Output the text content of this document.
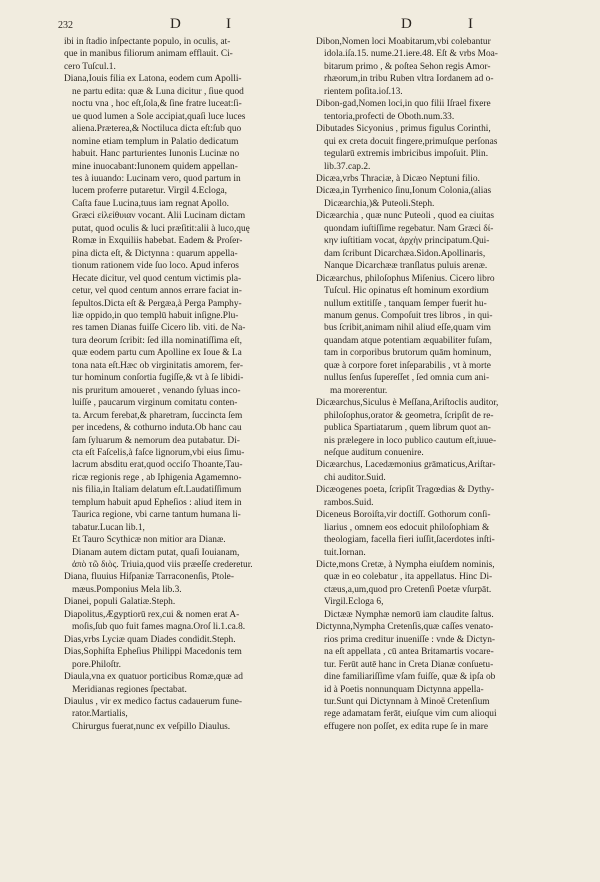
232	D	I	D	I
ibi in ſtadio inſpectante populo, in oculis, at-
que in manibus filiorum animam efflauit. Ci-
cero Tuſcul.1.
Diana,Iouis filia ex Latona, eodem cum Apolli-
ne partu edita: quæ & Luna dicitur , ſiue quod
noctu vna , hoc eſt,ſola,& ſine fratre luceat:ſi-
ue quod lumen a Sole accipiat,quaſi luce luces
aliena.Præterea,& Noctiluca dicta eſt:ſub quo
nomine etiam templum in Palatio dedicatum
habuit. Hanc parturientes Iunonis Lucinæ no
mine inuocabant:Iunonem quidem appellan-
tes à iuuando: Lucinam vero, quod partum in
lucem proferre putaretur. Virgil 4.Ecloga,
Caſta faue Lucina,tuus iam regnat Apollo.
Græci εἰλείθυιαν vocant. Alii Lucinam dictam
putat, quod oculis & luci præſitit:alii à luco,quę
Romæ in Exquiliis habebat. Eadem & Proſer-
pina dicta eſt, & Dictynna : quarum appella-
tionum rationem vide ſuo loco. Apud inferos
Hecate dicitur, vel quod centum victimis pla-
cetur, vel quod centum annos errare faciat in-
ſepultos.Dicta eſt & Pergæa,à Perga Pamphy-
liæ oppido,in quo templū habuit inſigne.Plu-
res tamen Dianas fuiſſe Cicero lib. viti. de Na-
tura deorum ſcribit: ſed illa nominatiſſima eſt,
quæ eodem partu cum Apolline ex Ioue & La
tona nata eſt.Hæc ob virginitatis amorem, fer-
tur hominum conſortia fugiſſe,& vt à ſe libidi-
nis pruritum amoueret , venando ſyluas inco-
luiſſe , paucarum virginum comitatu conten-
ta. Arcum ferebat,& pharetram, ſuccincta ſem
per incedens, & cothurno induta.Ob hanc cau
ſam ſyluarum & nemorum dea putabatur. Di-
cta eſt Faſcelis,à faſce lignorum,vbi eius ſimu-
lacrum absditu erat,quod occiſo Thoante,Tau-
ricæ regionis rege , ab Iphigenia Agamemno-
nis filia,in Italiam delatum eſt.Laudatiſſimum
templum habuit apud Epheſios : aliud item in
Taurica regione, vbi carne tantum humana li-
tabatur.Lucan lib.1,
Et Tauro Scythicæ non mitior ara Dianæ.
Dianam autem dictam putat, quaſi Iouianam,
ἀπὸ τῶ διὸς. Triuia,quod viis præeſſe crederetur.
Diana, fluuius Hiſpaniæ Tarraconenſis, Ptole-
mæus.Pomponius Mela lib.3.
Dianei, populi Galatiæ.Steph.
Diapolitus,Ægyptiorū rex,cui & nomen erat A-
moſis,ſub quo fuit fames magna.Oroſ li.1.ca.8.
Dias,vrbs Lyciæ quam Diades condidit.Steph.
Dias,Sophiſta Epheſius Philippi Macedonis tem
pore.Philoſtr.
Diaula,vna ex quatuor porticibus Romæ,quæ ad
Meridianas regiones ſpectabat.
Diaulus , vir ex medico factus cadauerum fune-
rator.Martialis,
Chirurgus fuerat,nunc ex veſpillo Diaulus.
Dibon,Nomen loci Moabitarum,vbi colebantur
idola.iſa.15. nume.21.iere.48. Eſt & vrbs Moa-
bitarum primo , & poſtea Sehon regis Amor-
rhæorum,in tribu Ruben vltra Iordanem ad o-
rientem poſita.ioſ.13.
Dibon-gad,Nomen loci,in quo filii Iſrael fixere
tentoria,profecti de Oboth.num.33.
Dibutades Sicyonius , primus figulus Corinthi,
qui ex creta docuit fingere,primuſque perſonas
tegularū extremis imbricibus impoſuit. Plin.
lib.37.cap.2.
Dicæa,vrbs Thraciæ, à Dicæo Neptuni filio.
Dicæa,in Tyrrhenico ſinu,Ionum Colonia,(alias
Dicæarchia,)& Puteoli.Steph.
Dicæarchia , quæ nunc Puteoli , quod ea ciuitas
quondam iuſtiſſime regebatur. Nam Græci δί-
κην iuſtitiam vocat, ἀρχὴν principatum.Qui-
dam ſcribunt Dicarchæa.Sidon.Apollinaris,
Nanque Dicarchææ tranſlatus puluis arenæ.
Dicæarchus, philoſophus Miſenius. Cicero libro
Tuſcul. Hic opinatus eſt hominum exordium
nullum extitiſſe , tanquam ſemper fuerit hu-
manum genus. Compoſuit tres libros , in qui-
bus ſcribit,animam nihil aliud eſſe,quam vim
quandam atque potentiam æquabiliter fuſam,
tam in corporibus brutorum quām hominum,
quæ à corpore foret inſeparabilis , vt à morte
nullus ſenſus ſupereſſet , ſed omnia cum ani-
ma morerentur.
Dicæarchus,Siculus è Meſſana,Ariſtoclis auditor,
philoſophus,orator & geometra, ſcripſit de re-
publica Spartiatarum , quem librum quot an-
nis prælegere in loco publico cautum eſt,iuue-
neſque auditum conuenire.
Dicæarchus, Lacedæmonius grāmaticus,Ariſtar-
chi auditor.Suid.
Dicæogenes poeta, ſcripſit Tragœdias & Dythy-
rambos.Suid.
Diceneus Boroiſta,vir doctiſſ. Gothorum conſi-
liarius , omnem eos edocuit philoſophiam &
theologiam, facella fieri iuſſit,ſacerdotes inſti-
tuit.Iornan.
Dicte,mons Cretæ, à Nympha eiuſdem nominis,
quæ in eo colebatur , ita appellatus. Hinc Di-
ctæus,a,um,quod pro Cretenſi Poetæ vſurpāt.
Virgil.Ecloga 6,
Dictææ Nymphæ nemorū iam claudite ſaltus.
Dictynna,Nympha Cretenſis,quæ caſſes venato-
rios prima creditur inueniſſe : vnde & Dictyn-
na eſt appellata , cū antea Britamartis vocare-
tur. Ferūt autē hanc in Creta Dianæ conſuetu-
dine familiariſſime vſam fuiſſe, quæ & ipſa ob
id à Poetis nonnunquam Dictynna appella-
tur.Sunt qui Dictynnam à Minoë Cretenſium
rege adamatam ferāt, eiuſque vim cum alioqui
effugere non poſſet, ex edita rupe ſe in mare
